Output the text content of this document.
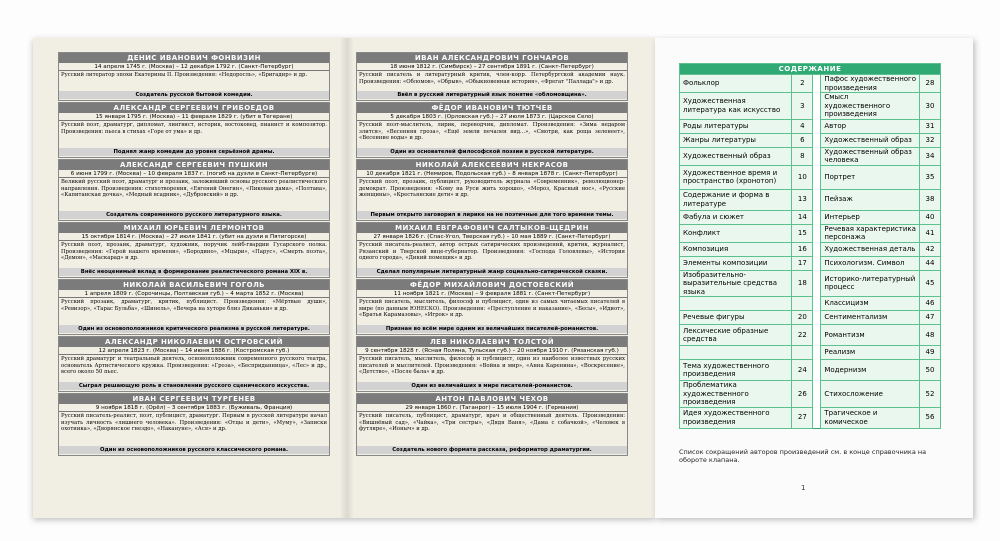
ДЕНИС ИВАНОВИЧ ФОНВИЗИН
14 апреля 1745 г. (Москва) – 12 декабря 1792 г. (Санкт-Петербург)
Русский литератор эпохи Екатерины II. Произведения: «Недоросль», «Бригадир» и др.
Создатель русской бытовой комедии.
АЛЕКСАНДР СЕРГЕЕВИЧ ГРИБОЕДОВ
15 января 1795 г. (Москва) – 11 февраля 1829 г. (убит в Тегеране)
Русский поэт, драматург, дипломат, лингвист, историк, востоковед, пианист и композитор. Произведения: пьеса в стихах «Горе от ума» и др.
Поднял жанр комедии до уровня серьёзной драмы.
АЛЕКСАНДР СЕРГЕЕВИЧ ПУШКИН
6 июня 1799 г. (Москва) – 10 февраля 1837 г. (погиб на дуэли в Санкт-Петербурге)
Великий русский поэт, драматург и прозаик, заложивший основы русского реалистического направления. Произведения: стихотворения, «Евгений Онегин», «Пиковая дама», «Полтава», «Капитанская дочка», «Медный всадник», «Дубровский» и др.
Создатель современного русского литературного языка.
МИХАИЛ ЮРЬЕВИЧ ЛЕРМОНТОВ
15 октября 1814 г. (Москва) – 27 июля 1841 г. (убит на дуэли в Пятигорске)
Русский поэт, прозаик, драматург, художник, поручик лейб-гвардии Гусарского полка. Произведения: «Герой нашего времени», «Бородино», «Мцыри», «Парус», «Смерть поэта», «Демон», «Маскарад» и др.
Внёс неоценимый вклад в формирование реалистического романа XIX в.
НИКОЛАЙ ВАСИЛЬЕВИЧ ГОГОЛЬ
1 апреля 1809 г. (Сорочинцы, Полтавская губ.) – 4 марта 1852 г. (Москва)
Русский прозаик, драматург, критик, публицист. Произведения: «Мёртвые души», «Ревизор», «Тарас Бульба», «Шинель», «Вечера на хуторе близ Диканьки» и др.
Один из основоположников критического реализма в русской литературе.
АЛЕКСАНДР НИКОЛАЕВИЧ ОСТРОВСКИЙ
12 апреля 1823 г. (Москва) – 14 июня 1886 г. (Костромская губ.)
Русский драматург и театральный деятель, основоположник современного русского театра, основатель Артистического кружка. Произведения: «Гроза», «Бесприданница», «Лес» и др., всего около 50 пьес.
Сыграл решающую роль в становлении русского сценического искусства.
ИВАН СЕРГЕЕВИЧ ТУРГЕНЕВ
9 ноября 1818 г. (Орёл) – 3 сентября 1883 г. (Буживаль, Франция)
Русский писатель-реалист, поэт, публицист, драматург. Первым в русской литературе начал изучать личность «лишнего человека». Произведения: «Отцы и дети», «Муму», «Записки охотника», «Дворянское гнездо», «Накануне», «Ася» и др.
Один из основоположников русского классического романа.
ИВАН АЛЕКСАНДРОВИЧ ГОНЧАРОВ
18 июня 1812 г. (Симбирск) – 27 сентября 1891 г. (Санкт-Петербург)
Русский писатель и литературный критик, член-корр. Петербургской академии наук. Произведения: «Обломов», «Обрыв», «Обыкновенная история», «Фрегат "Паллада"» и др.
Ввёл в русский литературный язык понятие «обломовщина».
ФЁДОР ИВАНОВИЧ ТЮТЧЕВ
5 декабря 1803 г. (Орловская губ.) – 27 июля 1873 г. (Царское Село)
Русский поэт-мыслитель, лирик, переводчик, дипломат. Произведения: «Зима недаром злится», «Весенняя гроза», «Ещё земли печален вид...», «Смотри, как роща зеленеет», «Весенние воды» и др.
Один из основателей философской поэзии в русской литературе.
НИКОЛАЙ АЛЕКСЕЕВИЧ НЕКРАСОВ
10 декабря 1821 г. (Немиров, Подольская губ.) – 8 января 1878 г. (Санкт-Петербург)
Русский поэт, прозаик, публицист, руководитель журнала «Современник», революционер-демократ. Произведения: «Кому на Руси жить хорошо», «Мороз, Красный нос», «Русские женщины», «Крестьянские дети» и др.
Первым открыто заговорил в лирике на не поэтичные для того времени темы.
МИХАИЛ ЕВГРАФОВИЧ САЛТЫКОВ-ЩЕДРИН
27 января 1826 г. (Спас-Угол, Тверская губ.) – 10 мая 1889 г. (Санкт-Петербург)
Русский писатель-реалист, автор острых сатирических произведений, критик, журналист, Рязанский и Тверской вице-губернатор. Произведения: «Господа Головлевы», «История одного города», «Дикий помещик» и др.
Сделал популярным литературный жанр социально-сатирической сказки.
ФЁДОР МИХАЙЛОВИЧ ДОСТОЕВСКИЙ
11 ноября 1821 г. (Москва) – 9 февраля 1881 г. (Санкт-Петербург)
Русский писатель, мыслитель, философ и публицист, один из самых читаемых писателей в мире (по данным ЮНЕСКО). Произведения: «Преступление и наказание», «Бесы», «Идиот», «Братья Карамазовы», «Игрок» и др.
Признан во всём мире одним из величайших писателей-романистов.
ЛЕВ НИКОЛАЕВИЧ ТОЛСТОЙ
9 сентября 1828 г. (Ясная Поляна, Тульская губ.) – 20 ноября 1910 г. (Рязанская губ.)
Русский писатель, мыслитель, философ и публицист, один из наиболее известных русских писателей и мыслителей. Произведения: «Война и мир», «Анна Каренина», «Воскресение», «Детство», «После бала» и др.
Один из величайших в мире писателей-романистов.
АНТОН ПАВЛОВИЧ ЧЕХОВ
29 января 1860 г. (Таганрог) – 15 июля 1904 г. (Германия)
Русский писатель, публицист, драматург, врач и общественный деятель. Произведения: «Вишнёвый сад», «Чайка», «Три сестры», «Дядя Ваня», «Дама с собачкой», «Человек в футляре», «Ионыч» и др.
Создатель нового формата рассказа, реформатор драматургии.
СОДЕРЖАНИЕ				
Фольклор	2		Пафос художественного произведения	28
Художественная литература как искусство	3		Смысл художественного произведения	30
Роды литературы	4		Автор	31
Жанры литературы	6		Художественный образ	32
Художественный образ	8		Художественный образ человека	34
Художественное время и пространство (хронотоп)	10		Портрет	35
Содержание и форма в литературе	13		Пейзаж	38
Фабула и сюжет	14		Интерьер	40
Конфликт	15		Речевая характеристика персонажа	41
Композиция	16		Художественная деталь	42
Элементы композиции	17		Психологизм. Символ	44
Изобразительно-выразительные средства языка	18		Историко-литературный процесс	45
			Классицизм	46
Речевые фигуры	20		Сентиментализм	47
Лексические образные средства	22		Романтизм	48
			Реализм	49
Тема художественного произведения	24		Модернизм	50
Проблематика художественного произведения	26		Стихосложение	52
Идея художественного произведения	27		Трагическое и комическое	56
Список сокращений авторов произведений см. в конце справочника на обороте клапана.
1
